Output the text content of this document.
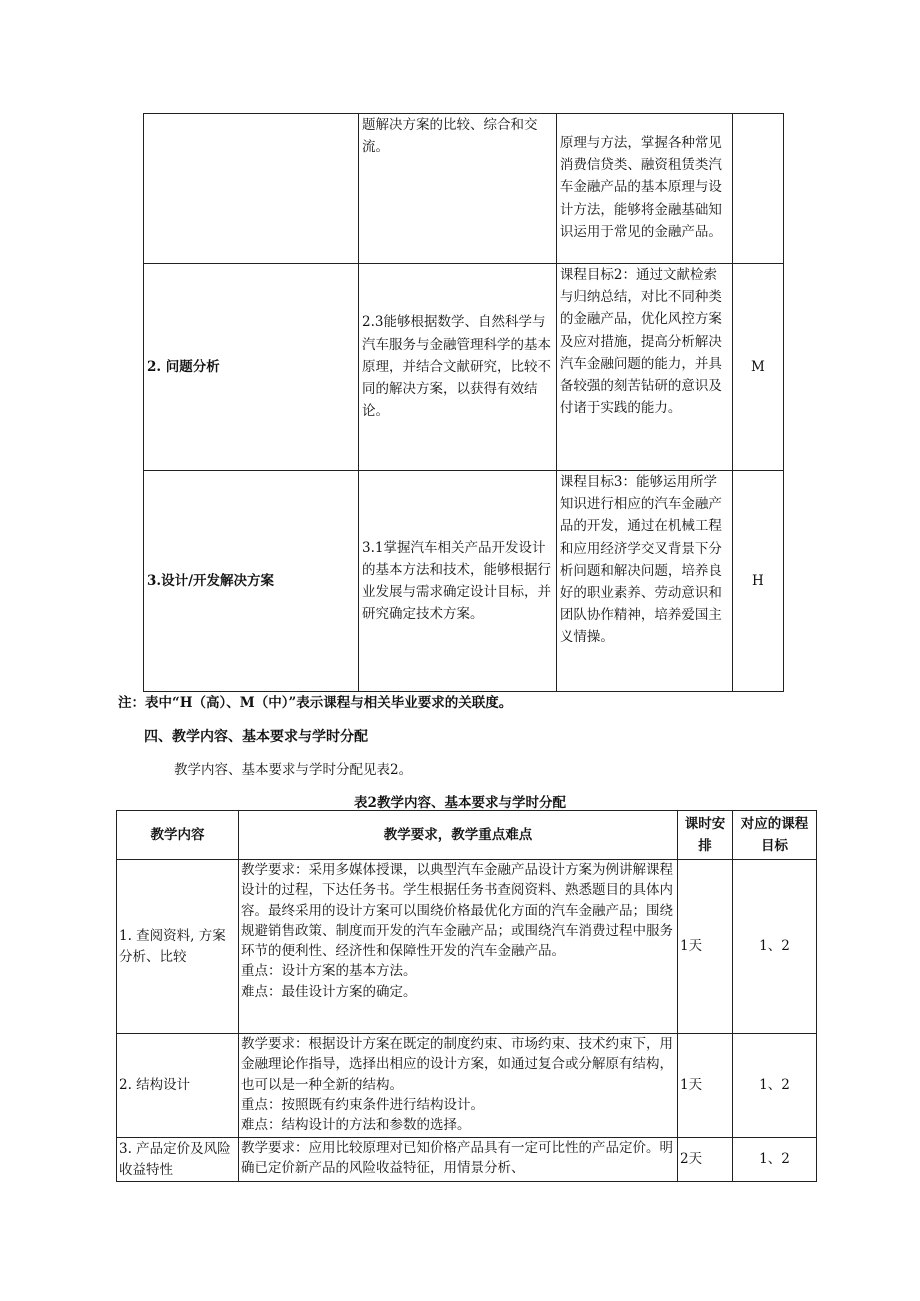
	题解决方案的比较、综合和交流。	原理与方法，掌握各种常见消费信贷类、融资租赁类汽车金融产品的基本原理与设计方法，能够将金融基础知识运用于常见的金融产品。	
2. 问题分析	2.3能够根据数学、自然科学与汽车服务与金融管理科学的基本原理，并结合文献研究，比较不同的解决方案，以获得有效结论。	课程目标2：通过文献检索与归纳总结，对比不同种类的金融产品，优化风控方案及应对措施，提高分析解决汽车金融问题的能力，并具备较强的刻苦钻研的意识及付诸于实践的能力。	M
3.设计/开发解决方案	3.1掌握汽车相关产品开发设计的基本方法和技术，能够根据行业发展与需求确定设计目标，并研究确定技术方案。	课程目标3：能够运用所学知识进行相应的汽车金融产品的开发，通过在机械工程和应用经济学交叉背景下分析问题和解决问题，培养良好的职业素养、劳动意识和团队协作精神，培养爱国主义情操。	H
注：表中“H（高）、M（中）”表示课程与相关毕业要求的关联度。
四、教学内容、基本要求与学时分配
教学内容、基本要求与学时分配见表2。
表2教学内容、基本要求与学时分配
教学内容	教学要求，教学重点难点	课时安排	对应的课程目标
1. 查阅资料, 方案分析、比较	教学要求：采用多媒体授课，以典型汽车金融产品设计方案为例讲解课程设计的过程，下达任务书。学生根据任务书查阅资料、熟悉题目的具体内容。最终采用的设计方案可以围绕价格最优化方面的汽车金融产品；围绕规避销售政策、制度而开发的汽车金融产品；或围绕汽车消费过程中服务环节的便利性、经济性和保障性开发的汽车金融产品。
重点：设计方案的基本方法。
难点：最佳设计方案的确定。	1天	1、2
2. 结构设计	教学要求：根据设计方案在既定的制度约束、市场约束、技术约束下，用金融理论作指导，选择出相应的设计方案，如通过复合或分解原有结构，也可以是一种全新的结构。
重点：按照既有约束条件进行结构设计。
难点：结构设计的方法和参数的选择。	1天	1、2
3. 产品定价及风险收益特性	教学要求：应用比较原理对已知价格产品具有一定可比性的产品定价。明确已定价新产品的风险收益特征，用情景分析、	2天	1、2
